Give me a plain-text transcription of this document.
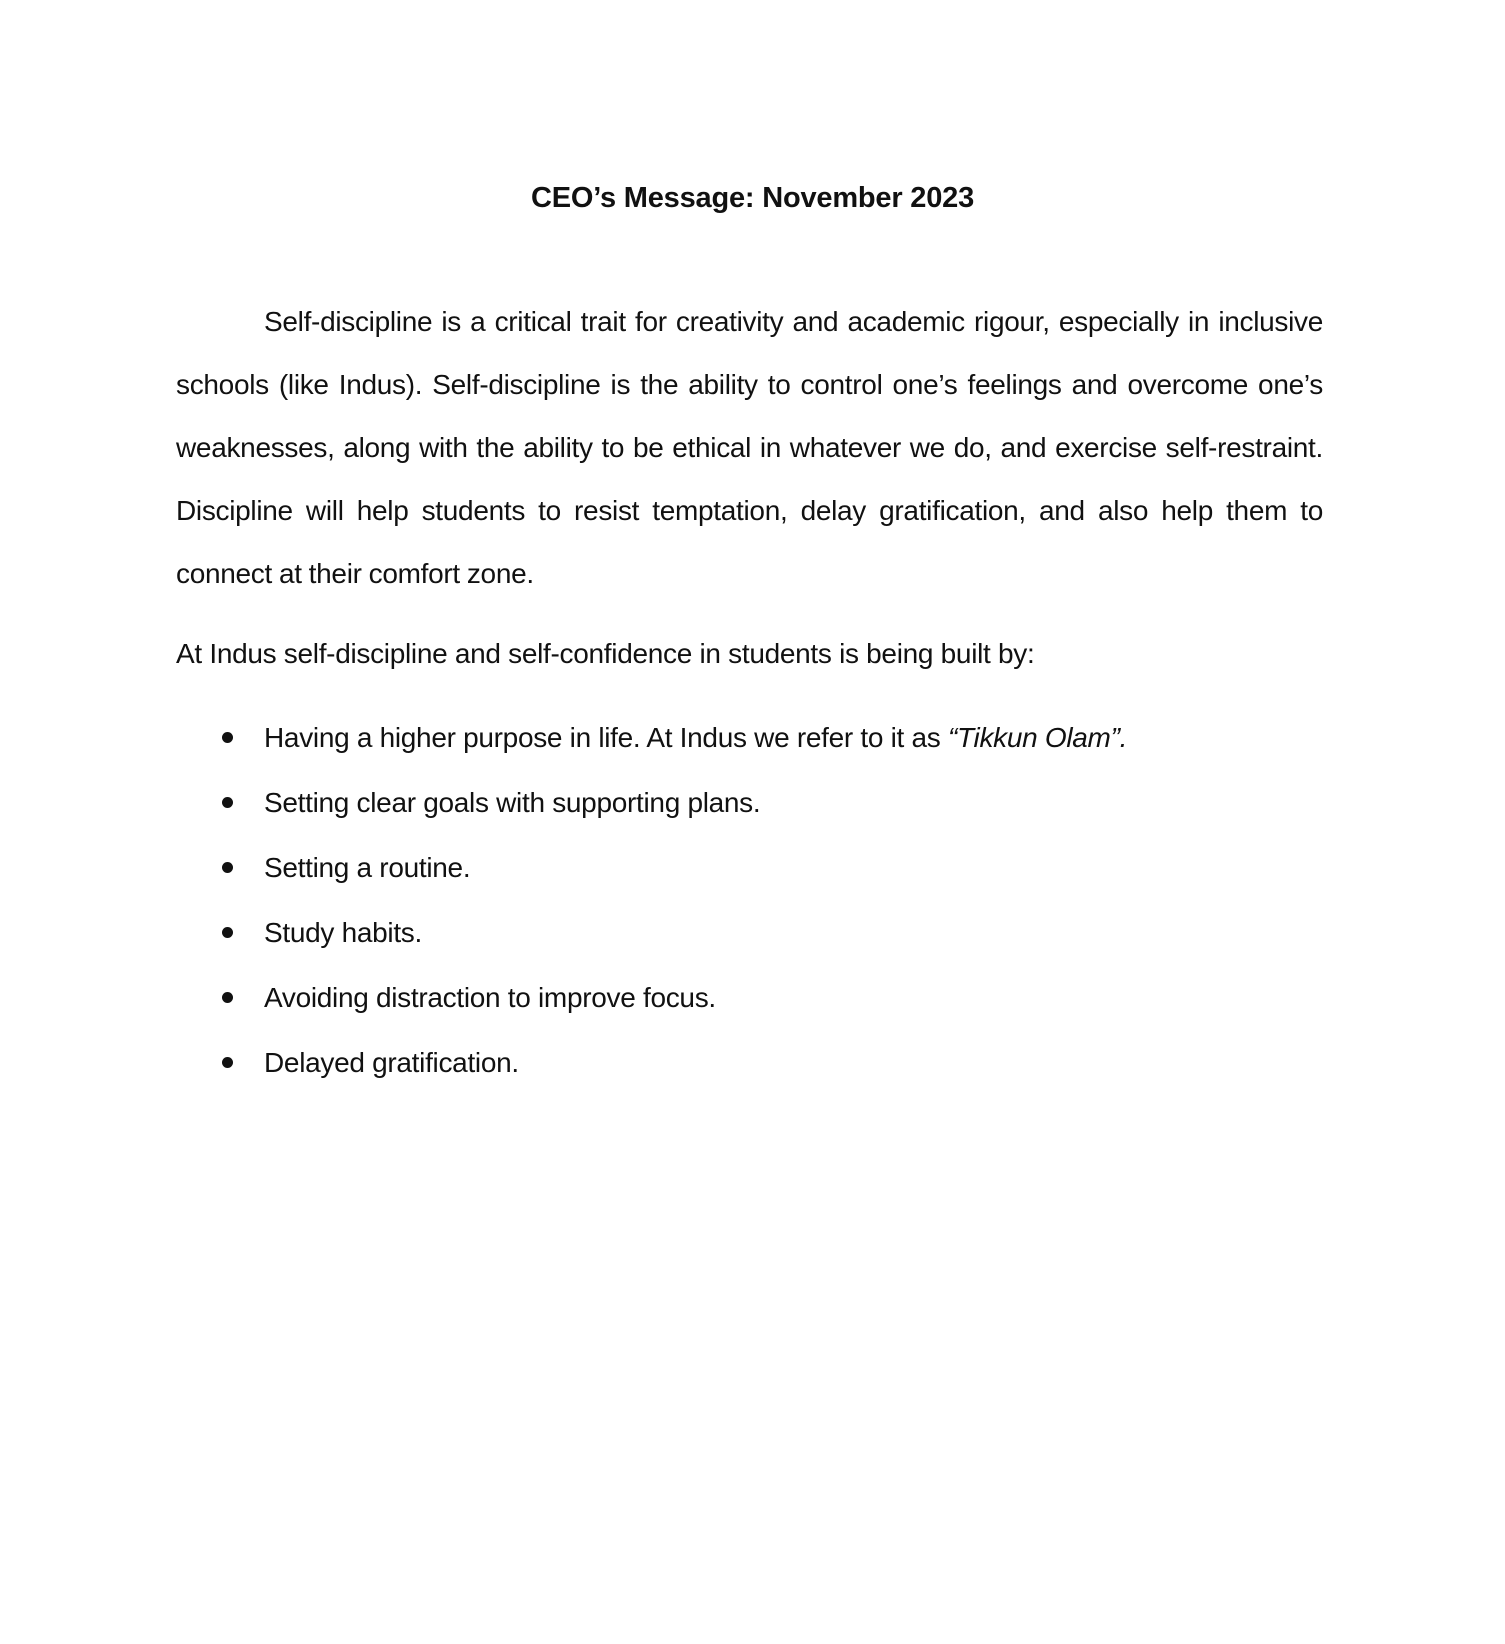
CEO’s Message: November 2023

Self-discipline is a critical trait for creativity and academic rigour, especially in inclusive schools (like Indus). Self-discipline is the ability to control one’s feelings and overcome one’s weaknesses, along with the ability to be ethical in whatever we do, and exercise self-restraint. Discipline will help students to resist temptation, delay gratification, and also help them to connect at their comfort zone.

At Indus self-discipline and self-confidence in students is being built by:

Having a higher purpose in life. At Indus we refer to it as “Tikkun Olam”.
Setting clear goals with supporting plans.
Setting a routine.
Study habits.
Avoiding distraction to improve focus.
Delayed gratification.
